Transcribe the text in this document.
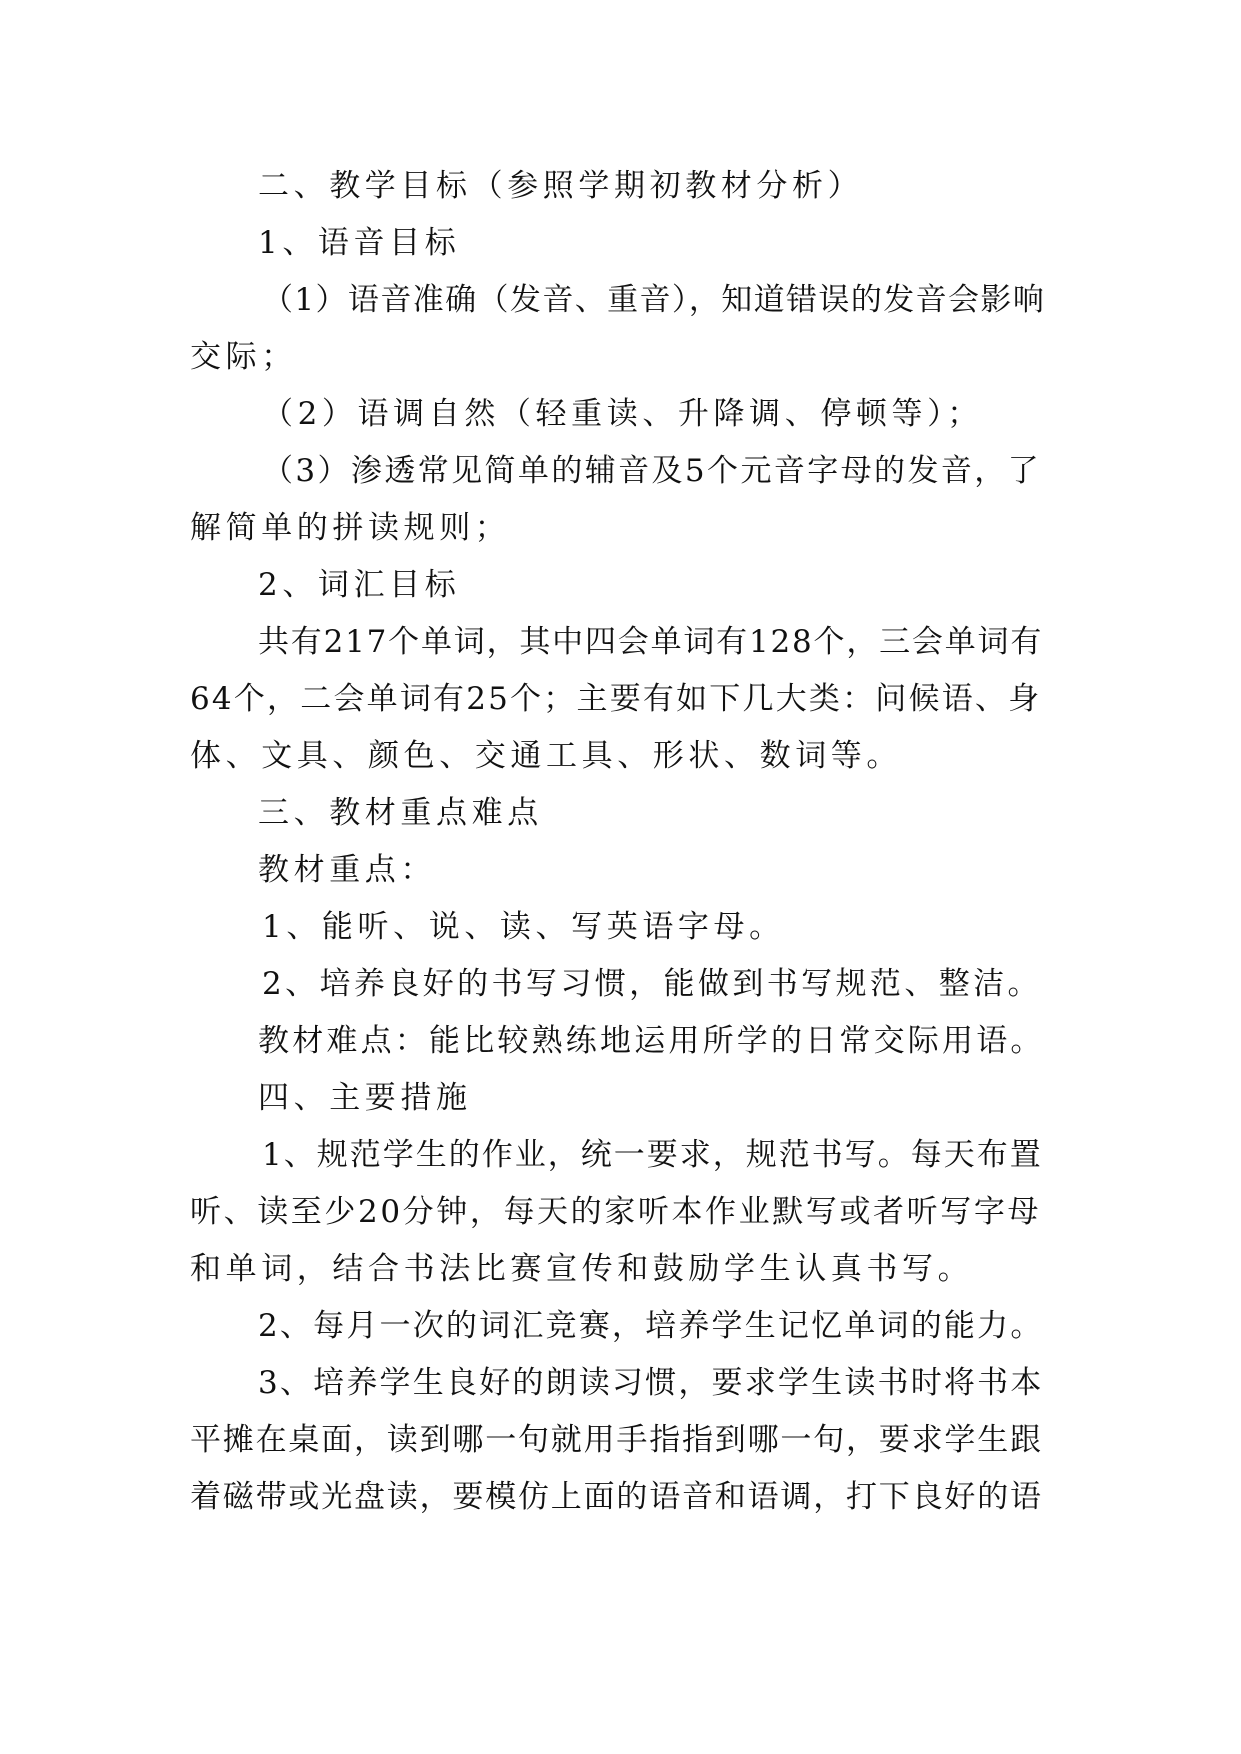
二、教学目标（参照学期初教材分析）
1、语音目标
（1）语音准确（发音、重音），知道错误的发音会影响
交际；
（2）语调自然（轻重读、升降调、停顿等）；
（3）渗透常见简单的辅音及5个元音字母的发音，了
解简单的拼读规则；
2、词汇目标
共有217个单词，其中四会单词有128个，三会单词有
64个，二会单词有25个；主要有如下几大类：问候语、身
体、文具、颜色、交通工具、形状、数词等。
三、教材重点难点
教材重点：
1、能听、说、读、写英语字母。
2、培养良好的书写习惯，能做到书写规范、整洁。
教材难点：能比较熟练地运用所学的日常交际用语。
四、主要措施
1、规范学生的作业，统一要求，规范书写。每天布置
听、读至少20分钟，每天的家听本作业默写或者听写字母
和单词，结合书法比赛宣传和鼓励学生认真书写。
2、每月一次的词汇竞赛，培养学生记忆单词的能力。
3、培养学生良好的朗读习惯，要求学生读书时将书本
平摊在桌面，读到哪一句就用手指指到哪一句，要求学生跟
着磁带或光盘读，要模仿上面的语音和语调，打下良好的语
